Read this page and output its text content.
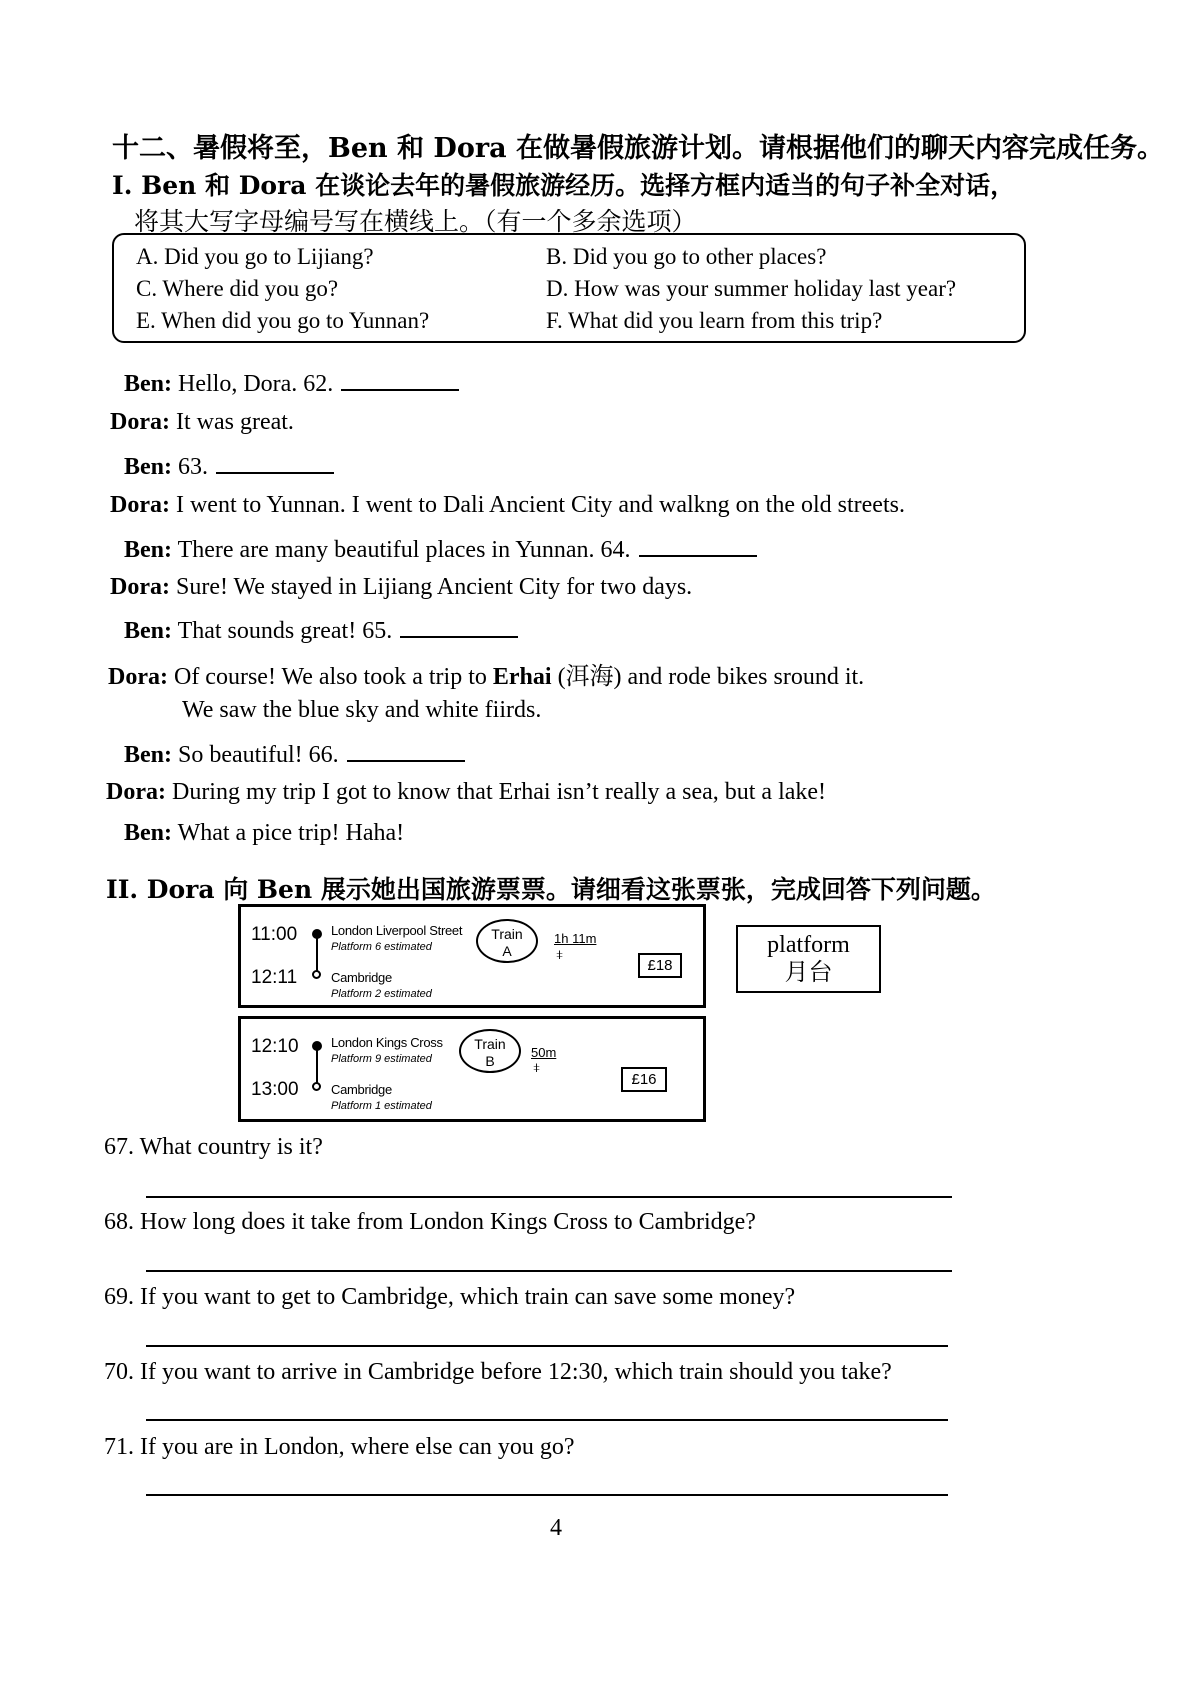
十二、暑假将至，Ben 和 Dora 在做暑假旅游计划。请根据他们的聊天内容完成任务。
I. Ben 和 Dora 在谈论去年的暑假旅游经历。选择方框内适当的句子补全对话，
将其大写字母编号写在横线上。（有一个多余选项）
A. Did you go to Lijiang?	B. Did you go to other places?
C. Where did you go?	D. How was your summer holiday last year?
E. When did you go to Yunnan?	F. What did you learn from this trip?
Ben: Hello, Dora. 62.
Dora: It was great.
Ben: 63.
Dora: I went to Yunnan. I went to Dali Ancient City and walkng on the old streets.
Ben: There are many beautiful places in Yunnan. 64.
Dora: Sure! We stayed in Lijiang Ancient City for two days.
Ben: That sounds great! 65.
Dora: Of course! We also took a trip to Erhai (洱海) and rode bikes sround it.
We saw the blue sky and white fiirds.
Ben: So beautiful! 66.
Dora: During my trip I got to know that Erhai isn’t really a sea, but a lake!
Ben: What a pice trip! Haha!
II. Dora 向 Ben 展示她出国旅游票票。请细看这张票张，完成回答下列问题。
11:00	London Liverpool Street
Platform 6 estimated
12:11	Cambridge
Platform 2 estimated
Train
A
1h 11m
⧧
£18
12:10 London Kings Cross
Platform 9 estimated
13:00 Cambridge
Platform 1 estimated
Train
B
50m
⧧
£16
platform
月台
67. What country is it?
68. How long does it take from London Kings Cross to Cambridge?
69. If you want to get to Cambridge, which train can save some money?
70. If you want to arrive in Cambridge before 12:30, which train should you take?
71. If you are in London, where else can you go?
4
